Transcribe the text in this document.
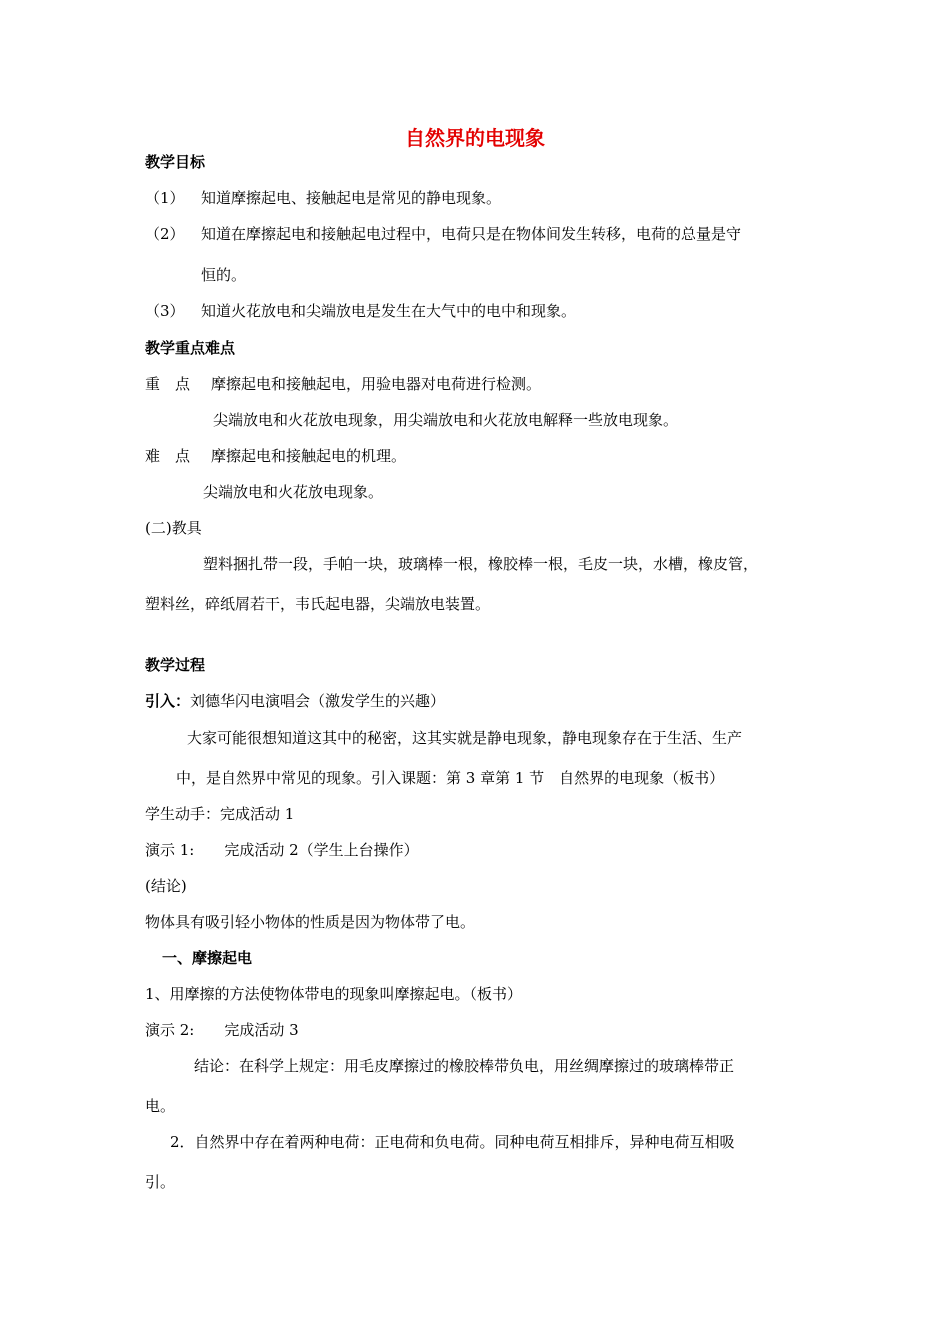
自然界的电现象
教学目标
（1） 知道摩擦起电、接触起电是常见的静电现象。
（2） 知道在摩擦起电和接触起电过程中，电荷只是在物体间发生转移，电荷的总量是守
恒的。
（3） 知道火花放电和尖端放电是发生在大气中的电中和现象。
教学重点难点
重　点 摩擦起电和接触起电，用验电器对电荷进行检测。
尖端放电和火花放电现象，用尖端放电和火花放电解释一些放电现象。
难　点 摩擦起电和接触起电的机理。
尖端放电和火花放电现象。
(二)教具
塑料捆扎带一段，手帕一块，玻璃棒一根，橡胶棒一根，毛皮一块，水槽，橡皮管，
塑料丝，碎纸屑若干，韦氏起电器，尖端放电装置。
教学过程
引入：刘德华闪电演唱会（激发学生的兴趣）
大家可能很想知道这其中的秘密，这其实就是静电现象，静电现象存在于生活、生产
中，是自然界中常见的现象。引入课题：第 3 章第 1 节　自然界的电现象（板书）
学生动手：完成活动 1
演示 1:　　完成活动 2（学生上台操作）
(结论)
物体具有吸引轻小物体的性质是因为物体带了电。
一、摩擦起电
1、用摩擦的方法使物体带电的现象叫摩擦起电。（板书）
演示 2:　　完成活动 3
结论：在科学上规定：用毛皮摩擦过的橡胶棒带负电，用丝绸摩擦过的玻璃棒带正
电。
2．自然界中存在着两种电荷：正电荷和负电荷。同种电荷互相排斥，异种电荷互相吸
引。
